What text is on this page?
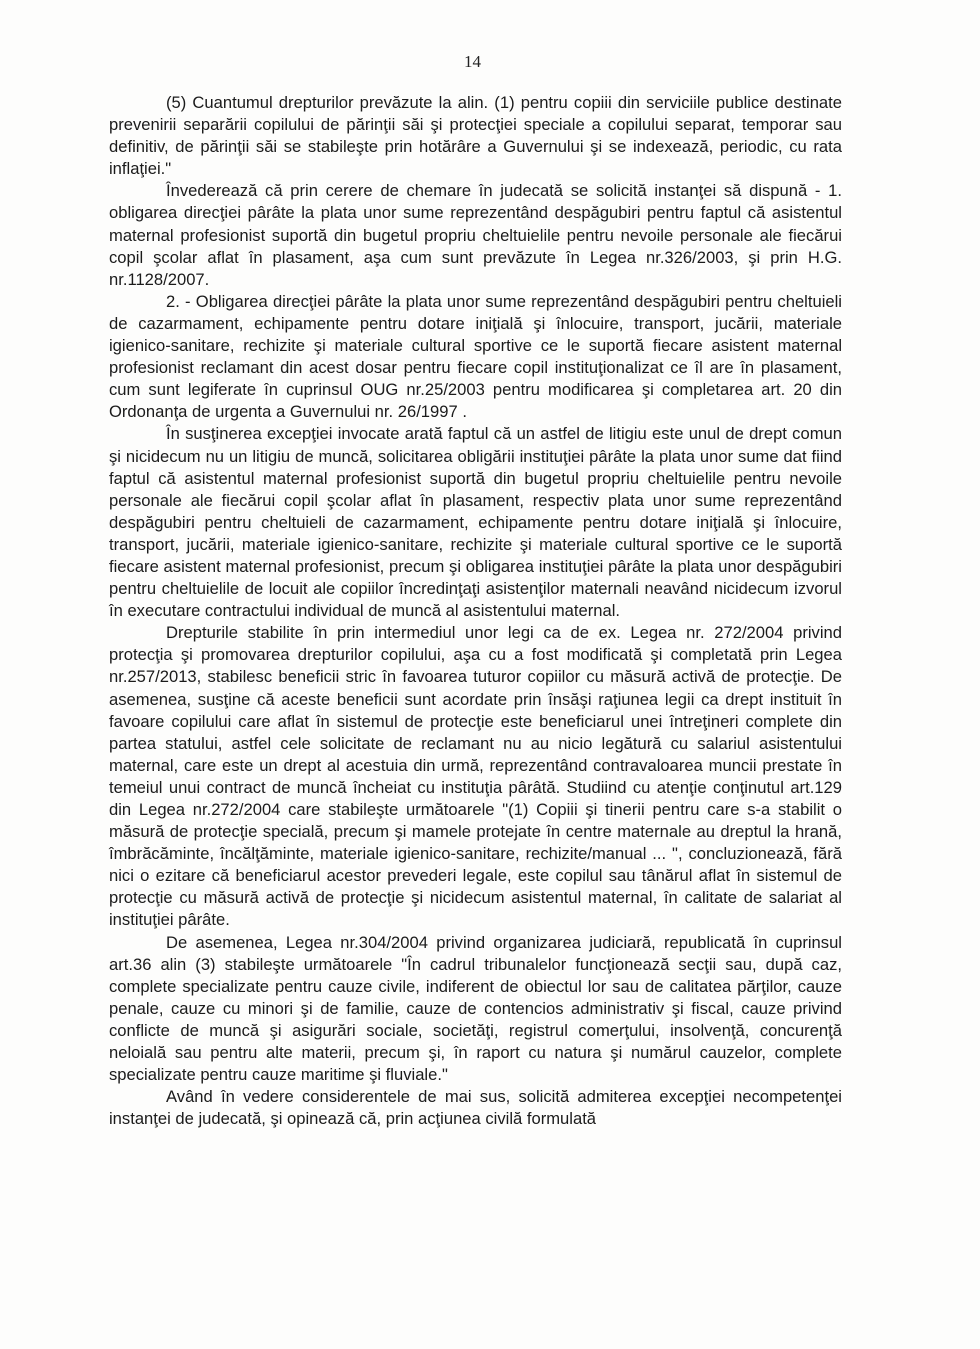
14

(5) Cuantumul drepturilor prevăzute la alin. (1) pentru copiii din serviciile publice destinate prevenirii separării copilului de părinţii săi şi protecţiei speciale a copilului separat, temporar sau definitiv, de părinţii săi se stabileşte prin hotărâre a Guvernului şi se indexează, periodic, cu rata inflaţiei."

Învederează că prin cerere de chemare în judecată se solicită instanţei să dispună - 1. obligarea direcţiei pârâte la plata unor sume reprezentând despăgubiri pentru faptul că asistentul maternal profesionist suportă din bugetul propriu cheltuielile pentru nevoile personale ale fiecărui copil şcolar aflat în plasament, aşa cum sunt prevăzute în Legea nr.326/2003, şi prin H.G. nr.1128/2007.

2. - Obligarea direcţiei pârâte la plata unor sume reprezentând despăgubiri pentru cheltuieli de cazarmament, echipamente pentru dotare iniţială şi înlocuire, transport, jucării, materiale igienico-sanitare, rechizite şi materiale cultural sportive ce le suportă fiecare asistent maternal profesionist reclamant din acest dosar pentru fiecare copil instituţionalizat ce îl are în plasament, cum sunt legiferate în cuprinsul OUG nr.25/2003 pentru modificarea şi completarea art. 20 din Ordonanţa de urgenta a Guvernului nr. 26/1997 .

În susţinerea excepţiei invocate arată faptul că un astfel de litigiu este unul de drept comun şi nicidecum nu un litigiu de muncă, solicitarea obligării instituţiei pârâte la plata unor sume dat fiind faptul că asistentul maternal profesionist suportă din bugetul propriu cheltuielile pentru nevoile personale ale fiecărui copil şcolar aflat în plasament, respectiv plata unor sume reprezentând despăgubiri pentru cheltuieli de cazarmament, echipamente pentru dotare iniţială şi înlocuire, transport, jucării, materiale igienico-sanitare, rechizite şi materiale cultural sportive ce le suportă fiecare asistent maternal profesionist, precum şi obligarea instituţiei pârâte la plata unor despăgubiri pentru cheltuielile de locuit ale copiilor încredinţaţi asistenţilor maternali neavând nicidecum izvorul în executare contractului individual de muncă al asistentului maternal.

Drepturile stabilite în prin intermediul unor legi ca de ex. Legea nr. 272/2004 privind protecţia şi promovarea drepturilor copilului, aşa cu a fost modificată şi completată prin Legea nr.257/2013, stabilesc beneficii stric în favoarea tuturor copiilor cu măsură activă de protecţie. De asemenea, susţine că aceste beneficii sunt acordate prin însăşi raţiunea legii ca drept instituit în favoare copilului care aflat în sistemul de protecţie este beneficiarul unei întreţineri complete din partea statului, astfel cele solicitate de reclamant nu au nicio legătură cu salariul asistentului maternal, care este un drept al acestuia din urmă, reprezentând contravaloarea muncii prestate în temeiul unui contract de muncă încheiat cu instituţia pârâtă. Studiind cu atenţie conţinutul art.129 din Legea nr.272/2004 care stabileşte următoarele "(1) Copiii şi tinerii pentru care s-a stabilit o măsură de protecţie specială, precum şi mamele protejate în centre maternale au dreptul la hrană, îmbrăcăminte, încălţăminte, materiale igienico-sanitare, rechizite/manual ... ", concluzionează, fără nici o ezitare că beneficiarul acestor prevederi legale, este copilul sau tânărul aflat în sistemul de protecţie cu măsură activă de protecţie şi nicidecum asistentul maternal, în calitate de salariat al instituţiei pârâte.

De asemenea, Legea nr.304/2004 privind organizarea judiciară, republicată în cuprinsul art.36 alin (3) stabileşte următoarele "În cadrul tribunalelor funcţionează secţii sau, după caz, complete specializate pentru cauze civile, indiferent de obiectul lor sau de calitatea părţilor, cauze penale, cauze cu minori şi de familie, cauze de contencios administrativ şi fiscal, cauze privind conflicte de muncă şi asigurări sociale, societăţi, registrul comerţului, insolvenţă, concurenţă neloială sau pentru alte materii, precum şi, în raport cu natura şi numărul cauzelor, complete specializate pentru cauze maritime şi fluviale."

Având în vedere considerentele de mai sus, solicită admiterea excepţiei necompetenţei instanţei de judecată, şi opinează că, prin acţiunea civilă formulată
